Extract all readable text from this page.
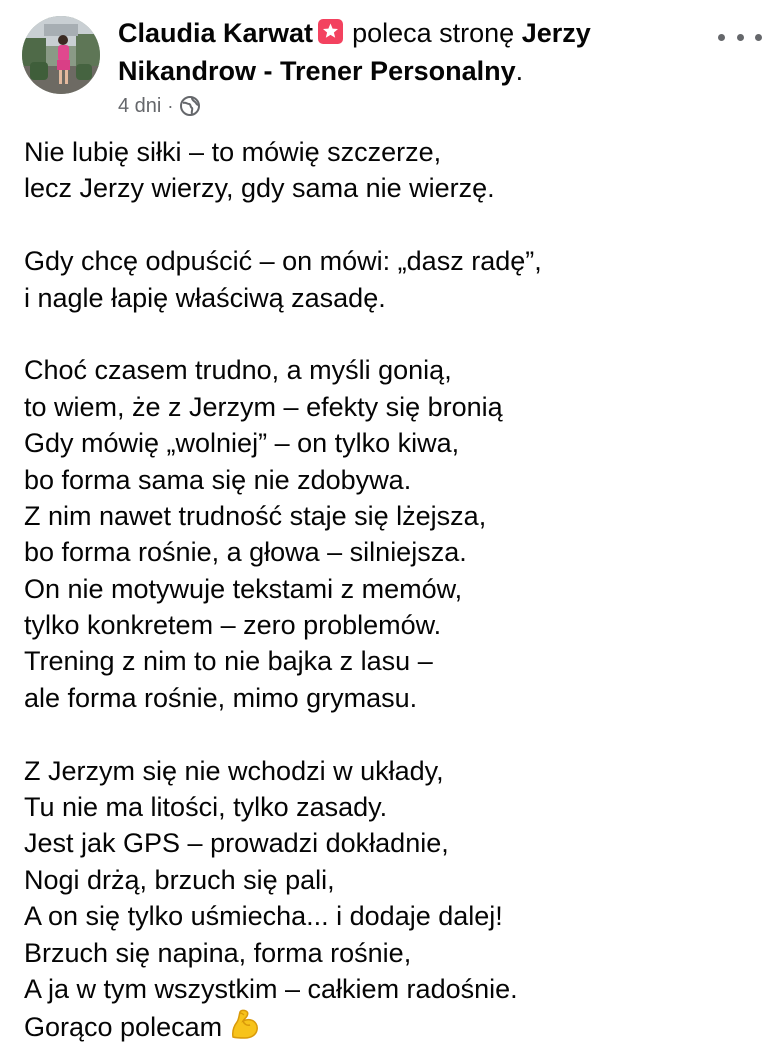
Claudia Karwat poleca stronę Jerzy Nikandrow - Trener Personalny.
4 dni ·
Nie lubię siłki – to mówię szczerze,
lecz Jerzy wierzy, gdy sama nie wierzę.
Gdy chcę odpuścić – on mówi: „dasz radę”,
i nagle łapię właściwą zasadę.
Choć czasem trudno, a myśli gonią,
to wiem, że z Jerzym – efekty się bronią
Gdy mówię „wolniej” – on tylko kiwa,
bo forma sama się nie zdobywa.
Z nim nawet trudność staje się lżejsza,
bo forma rośnie, a głowa – silniejsza.
On nie motywuje tekstami z memów,
tylko konkretem – zero problemów.
Trening z nim to nie bajka z lasu –
ale forma rośnie, mimo grymasu.
Z Jerzym się nie wchodzi w układy,
Tu nie ma litości, tylko zasady.
Jest jak GPS – prowadzi dokładnie,
Nogi drżą, brzuch się pali,
A on się tylko uśmiecha... i dodaje dalej!
Brzuch się napina, forma rośnie,
A ja w tym wszystkim – całkiem radośnie.
Gorąco polecam
